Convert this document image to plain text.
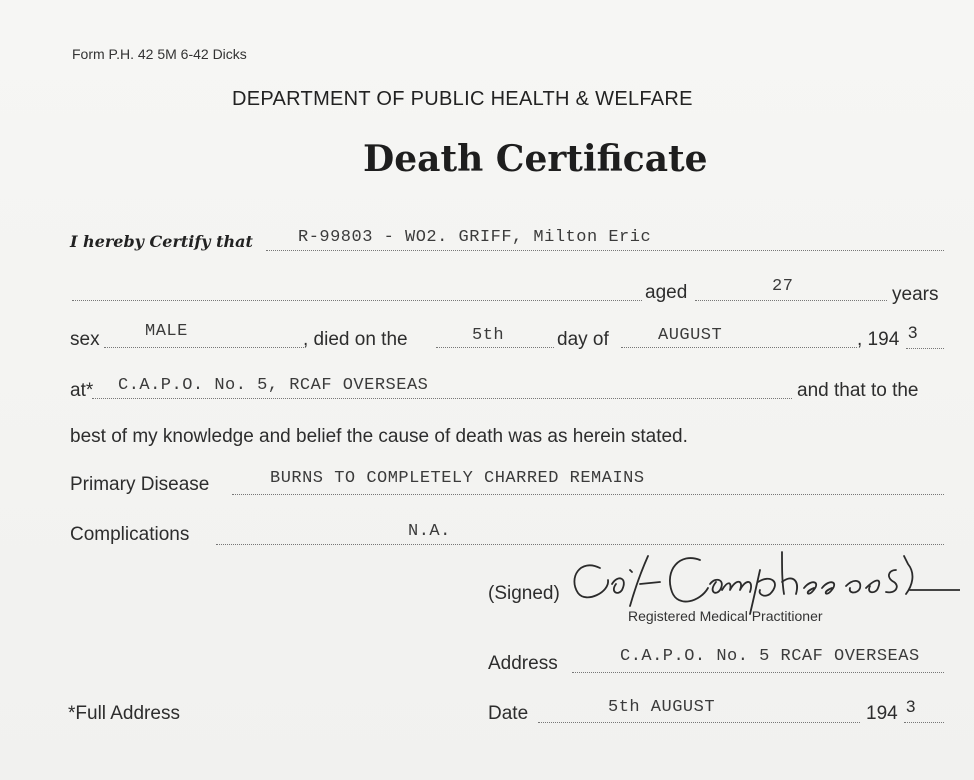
Form P.H. 42 5M 6-42 Dicks
DEPARTMENT OF PUBLIC HEALTH & WELFARE
Death Certificate
I hereby Certify that	R-99803 - WO2. GRIFF, Milton Eric
aged	27	years
sex	MALE	, died on the	5th	day of	AUGUST	, 194 3
at* C.A.P.O. No. 5, RCAF OVERSEAS	and that to the
best of my knowledge and belief the cause of death was as herein stated.
Primary Disease	BURNS TO COMPLETELY CHARRED REMAINS
Complications	N.A.
(Signed)
Registered Medical Practitioner
Address	C.A.P.O. No. 5 RCAF OVERSEAS
*Full Address	Date	5th AUGUST	194 3
